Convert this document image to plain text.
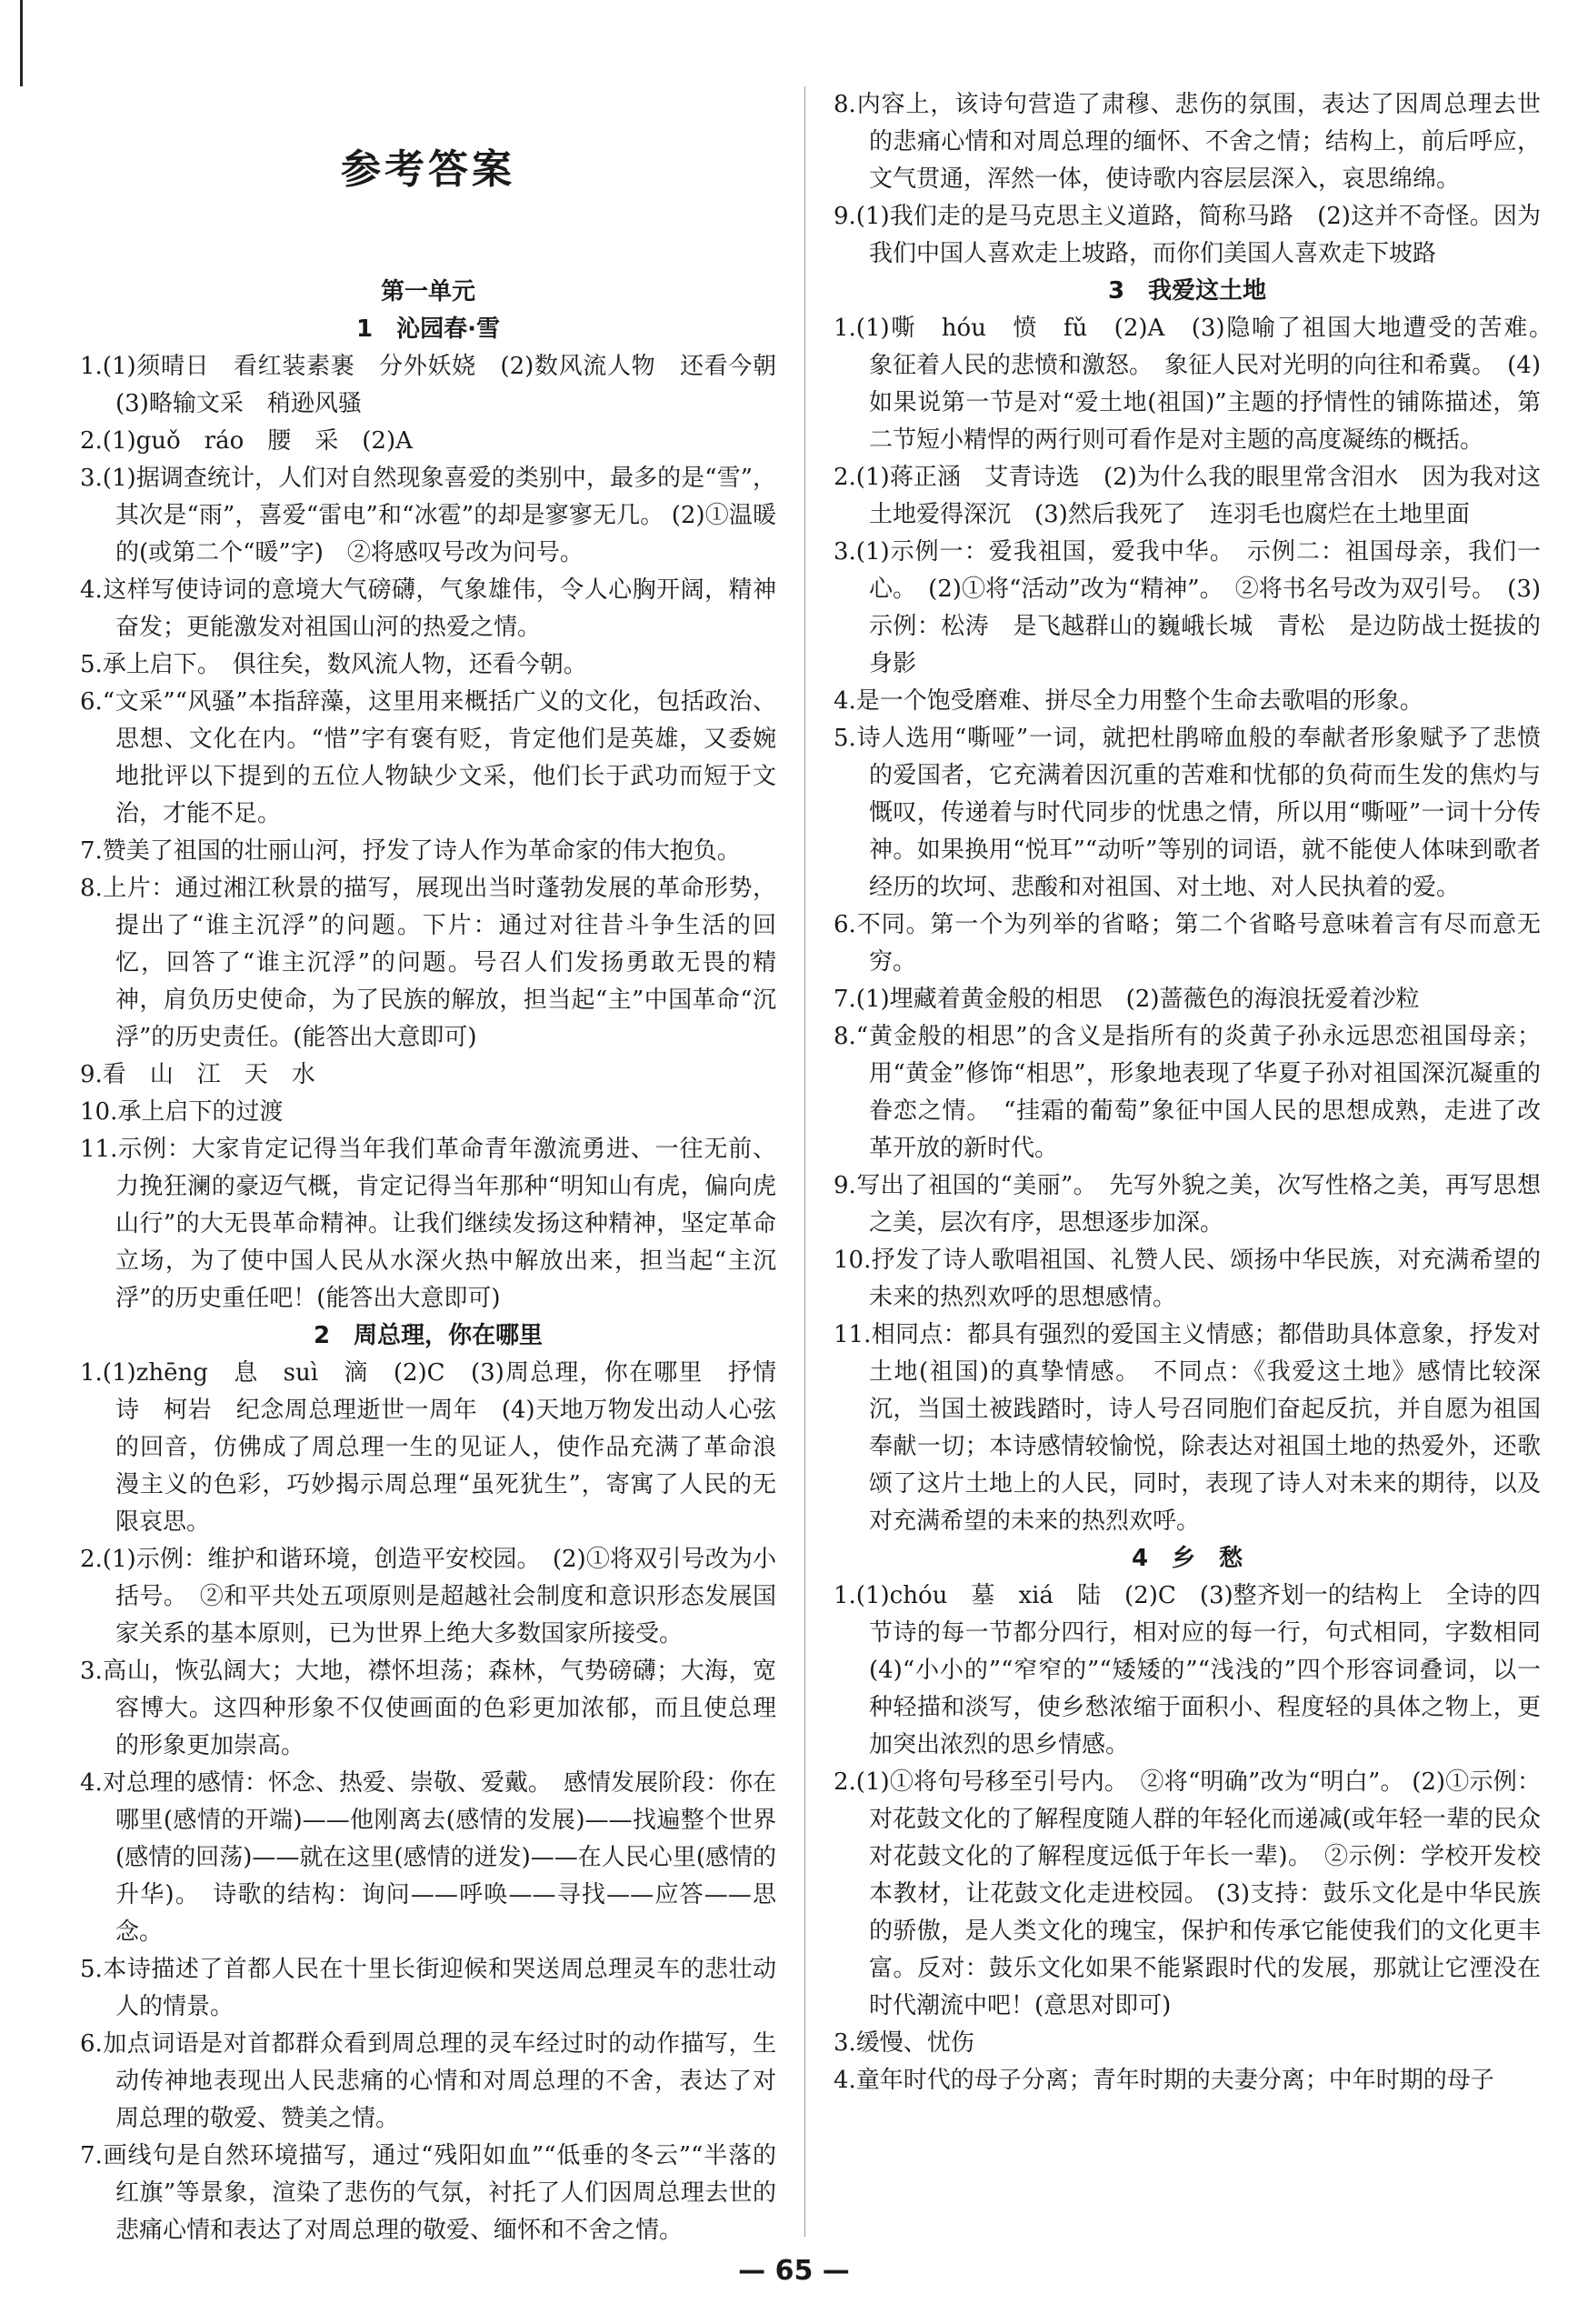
参考答案
第一单元
1　沁园春·雪
1.(1)须晴日　看红装素裹　分外妖娆　(2)数风流人物　还看今朝　(3)略输文采　稍逊风骚
2.(1)guǒ　ráo　腰　采　(2)A
3.(1)据调查统计，人们对自然现象喜爱的类别中，最多的是“雪”，其次是“雨”，喜爱“雷电”和“冰雹”的却是寥寥无几。 (2)①温暖的(或第二个“暖”字)　②将感叹号改为问号。
4.这样写使诗词的意境大气磅礴，气象雄伟，令人心胸开阔，精神奋发；更能激发对祖国山河的热爱之情。
5.承上启下。　俱往矣，数风流人物，还看今朝。
6.“文采”“风骚”本指辞藻，这里用来概括广义的文化，包括政治、思想、文化在内。“惜”字有褒有贬，肯定他们是英雄，又委婉地批评以下提到的五位人物缺少文采，他们长于武功而短于文治，才能不足。
7.赞美了祖国的壮丽山河，抒发了诗人作为革命家的伟大抱负。
8.上片：通过湘江秋景的描写，展现出当时蓬勃发展的革命形势，提出了“谁主沉浮”的问题。下片：通过对往昔斗争生活的回忆，回答了“谁主沉浮”的问题。号召人们发扬勇敢无畏的精神，肩负历史使命，为了民族的解放，担当起“主”中国革命“沉浮”的历史责任。(能答出大意即可)
9.看　山　江　天　水
10.承上启下的过渡
11.示例：大家肯定记得当年我们革命青年激流勇进、一往无前、力挽狂澜的豪迈气概，肯定记得当年那种“明知山有虎，偏向虎山行”的大无畏革命精神。让我们继续发扬这种精神，坚定革命立场，为了使中国人民从水深火热中解放出来，担当起“主沉浮”的历史重任吧！(能答出大意即可)
2　周总理，你在哪里
1.(1)zhēng　息　suì　滴　(2)C　(3)周总理，你在哪里　抒情诗　柯岩　纪念周总理逝世一周年　(4)天地万物发出动人心弦的回音，仿佛成了周总理一生的见证人，使作品充满了革命浪漫主义的色彩，巧妙揭示周总理“虽死犹生”，寄寓了人民的无限哀思。
2.(1)示例：维护和谐环境，创造平安校园。　(2)①将双引号改为小括号。　②和平共处五项原则是超越社会制度和意识形态发展国家关系的基本原则，已为世界上绝大多数国家所接受。
3.高山，恢弘阔大；大地，襟怀坦荡；森林，气势磅礴；大海，宽容博大。这四种形象不仅使画面的色彩更加浓郁，而且使总理的形象更加崇高。
4.对总理的感情：怀念、热爱、崇敬、爱戴。　感情发展阶段：你在哪里(感情的开端)——他刚离去(感情的发展)——找遍整个世界(感情的回荡)——就在这里(感情的迸发)——在人民心里(感情的升华)。　诗歌的结构：询问——呼唤——寻找——应答——思念。
5.本诗描述了首都人民在十里长街迎候和哭送周总理灵车的悲壮动人的情景。
6.加点词语是对首都群众看到周总理的灵车经过时的动作描写，生动传神地表现出人民悲痛的心情和对周总理的不舍，表达了对周总理的敬爱、赞美之情。
7.画线句是自然环境描写，通过“残阳如血”“低垂的冬云”“半落的红旗”等景象，渲染了悲伤的气氛，衬托了人们因周总理去世的悲痛心情和表达了对周总理的敬爱、缅怀和不舍之情。
8.内容上，该诗句营造了肃穆、悲伤的氛围，表达了因周总理去世的悲痛心情和对周总理的缅怀、不舍之情；结构上，前后呼应，文气贯通，浑然一体，使诗歌内容层层深入，哀思绵绵。
9.(1)我们走的是马克思主义道路，简称马路　(2)这并不奇怪。因为我们中国人喜欢走上坡路，而你们美国人喜欢走下坡路
3　我爱这土地
1.(1)嘶　hóu　愤　fǔ　(2)A　(3)隐喻了祖国大地遭受的苦难。　象征着人民的悲愤和激怒。　象征人民对光明的向往和希冀。　(4)如果说第一节是对“爱土地(祖国)”主题的抒情性的铺陈描述，第二节短小精悍的两行则可看作是对主题的高度凝练的概括。
2.(1)蒋正涵　艾青诗选　(2)为什么我的眼里常含泪水　因为我对这土地爱得深沉　(3)然后我死了　连羽毛也腐烂在土地里面
3.(1)示例一：爱我祖国，爱我中华。　示例二：祖国母亲，我们一心。　(2)①将“活动”改为“精神”。　②将书名号改为双引号。　(3)示例：松涛　是飞越群山的巍峨长城　青松　是边防战士挺拔的身影
4.是一个饱受磨难、拼尽全力用整个生命去歌唱的形象。
5.诗人选用“嘶哑”一词，就把杜鹃啼血般的奉献者形象赋予了悲愤的爱国者，它充满着因沉重的苦难和忧郁的负荷而生发的焦灼与慨叹，传递着与时代同步的忧患之情，所以用“嘶哑”一词十分传神。如果换用“悦耳”“动听”等别的词语，就不能使人体味到歌者经历的坎坷、悲酸和对祖国、对土地、对人民执着的爱。
6.不同。第一个为列举的省略；第二个省略号意味着言有尽而意无穷。
7.(1)埋藏着黄金般的相思　(2)蔷薇色的海浪抚爱着沙粒
8.“黄金般的相思”的含义是指所有的炎黄子孙永远思恋祖国母亲；用“黄金”修饰“相思”，形象地表现了华夏子孙对祖国深沉凝重的眷恋之情。　“挂霜的葡萄”象征中国人民的思想成熟，走进了改革开放的新时代。
9.写出了祖国的“美丽”。　先写外貌之美，次写性格之美，再写思想之美，层次有序，思想逐步加深。
10.抒发了诗人歌唱祖国、礼赞人民、颂扬中华民族，对充满希望的未来的热烈欢呼的思想感情。
11.相同点：都具有强烈的爱国主义情感；都借助具体意象，抒发对土地(祖国)的真挚情感。　不同点：《我爱这土地》感情比较深沉，当国土被践踏时，诗人号召同胞们奋起反抗，并自愿为祖国奉献一切；本诗感情较愉悦，除表达对祖国土地的热爱外，还歌颂了这片土地上的人民，同时，表现了诗人对未来的期待，以及对充满希望的未来的热烈欢呼。
4　乡　愁
1.(1)chóu　墓　xiá　陆　(2)C　(3)整齐划一的结构上　全诗的四节诗的每一节都分四行，相对应的每一行，句式相同，字数相同　(4)“小小的”“窄窄的”“矮矮的”“浅浅的”四个形容词叠词，以一种轻描和淡写，使乡愁浓缩于面积小、程度轻的具体之物上，更加突出浓烈的思乡情感。
2.(1)①将句号移至引号内。　②将“明确”改为“明白”。 (2)①示例：对花鼓文化的了解程度随人群的年轻化而递减(或年轻一辈的民众对花鼓文化的了解程度远低于年长一辈)。　②示例：学校开发校本教材，让花鼓文化走进校园。 (3)支持：鼓乐文化是中华民族的骄傲，是人类文化的瑰宝，保护和传承它能使我们的文化更丰富。反对：鼓乐文化如果不能紧跟时代的发展，那就让它湮没在时代潮流中吧！(意思对即可)
3.缓慢、忧伤
4.童年时代的母子分离；青年时期的夫妻分离；中年时期的母子
— 65 —
